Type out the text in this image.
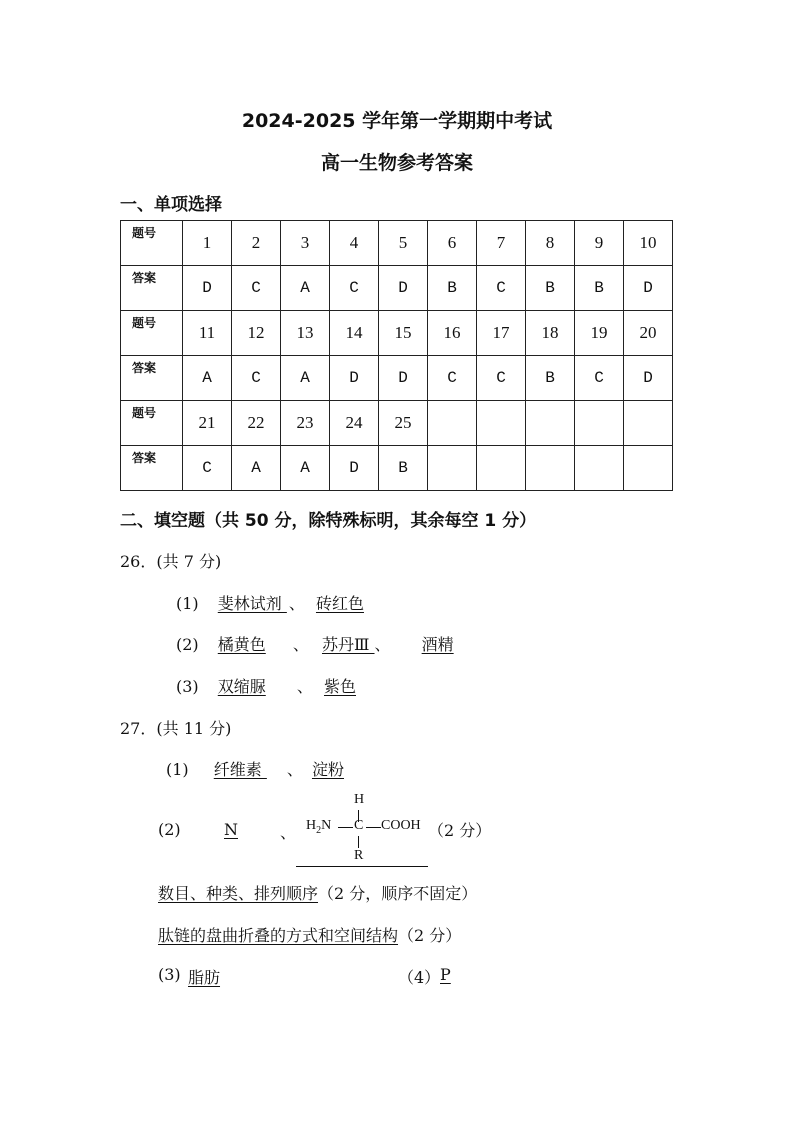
2024-2025 学年第一学期期中考试
高一生物参考答案
一、单项选择
题号	1	2	3	4	5	6	7	8	9	10
答案	D	C	A	C	D	B	C	B	B	D
题号	11	12	13	14	15	16	17	18	19	20
答案	A	C	A	D	D	C	C	B	C	D
题号	21	22	23	24	25					
答案	C	A	A	D	B					
二、填空题（共 50 分，除特殊标明，其余每空 1 分）
26．(共 7 分)
(1) 斐林试剂 、 砖红色
(2) 橘黄色 、 苏丹Ⅲ 、 酒精
(3) 双缩脲 、 紫色
27．(共 11 分)
(1) 纤维素 、 淀粉
(2)	N	、
H
$H_2N$ C COOH
R
（2 分）
数目、种类、排列顺序（2 分，顺序不固定）
肽链的盘曲折叠的方式和空间结构（2 分）
(3) 脂肪	（4） P
